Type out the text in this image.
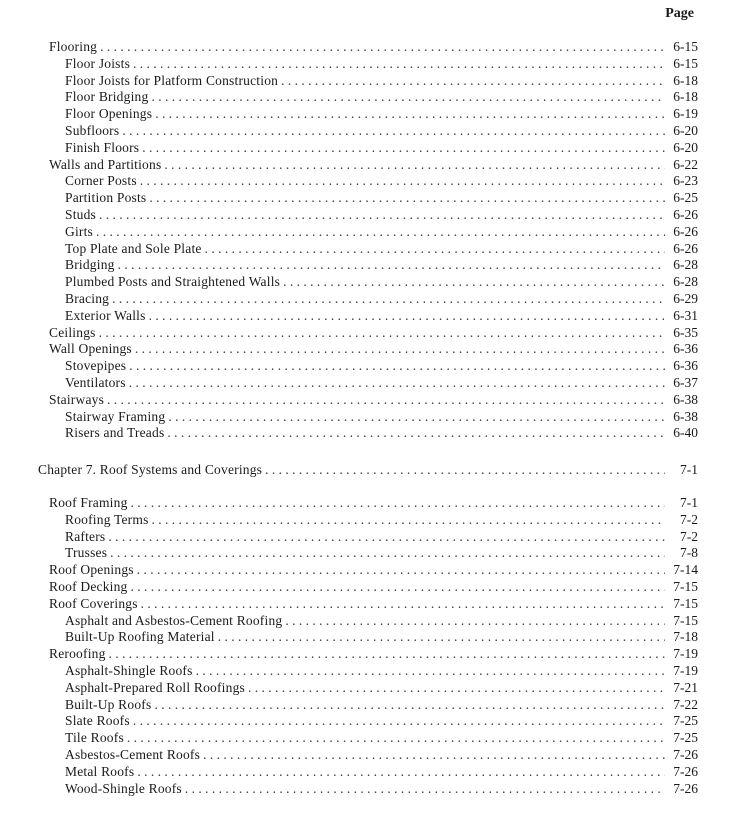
Page
Flooring . . .	6-15
Floor Joists . . .	6-15
Floor Joists for Platform Construction . . .	6-18
Floor Bridging . . .	6-18
Floor Openings . . .	6-19
Subfloors . . .	6-20
Finish Floors . . .	6-20
Walls and Partitions . . .	6-22
Corner Posts . . .	6-23
Partition Posts . . .	6-25
Studs . . .	6-26
Girts . . .	6-26
Top Plate and Sole Plate . . .	6-26
Bridging . . .	6-28
Plumbed Posts and Straightened Walls . . .	6-28
Bracing . . .	6-29
Exterior Walls . . .	6-31
Ceilings . . .	6-35
Wall Openings . . .	6-36
Stovepipes . . .	6-36
Ventilators . . .	6-37
Stairways . . .	6-38
Stairway Framing . . .	6-38
Risers and Treads . . .	6-40
Chapter 7. Roof Systems and Coverings . . .	7-1
Roof Framing . . .	7-1
Roofing Terms . . .	7-2
Rafters . . .	7-2
Trusses . . .	7-8
Roof Openings . . .	7-14
Roof Decking . . .	7-15
Roof Coverings . . .	7-15
Asphalt and Asbestos-Cement Roofing . . .	7-15
Built-Up Roofing Material . . .	7-18
Reroofing . . .	7-19
Asphalt-Shingle Roofs . . .	7-19
Asphalt-Prepared Roll Roofings . . .	7-21
Built-Up Roofs . . .	7-22
Slate Roofs . . .	7-25
Tile Roofs . . .	7-25
Asbestos-Cement Roofs . . .	7-26
Metal Roofs . . .	7-26
Wood-Shingle Roofs . . .	7-26
